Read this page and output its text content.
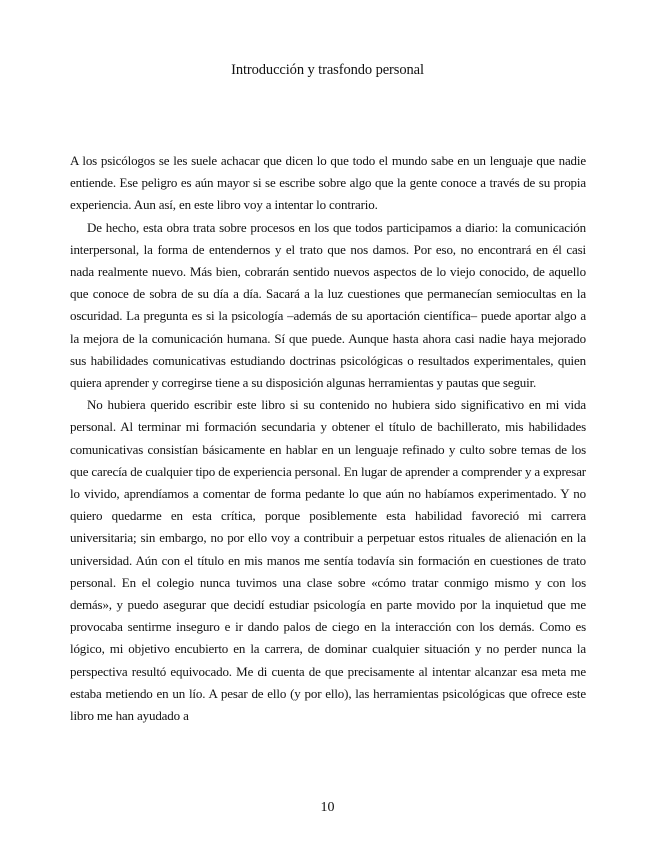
Introducción y trasfondo personal

A los psicólogos se les suele achacar que dicen lo que todo el mundo sabe en un lenguaje que nadie entiende. Ese peligro es aún mayor si se escribe sobre algo que la gente conoce a través de su propia experiencia. Aun así, en este libro voy a intentar lo contrario.

De hecho, esta obra trata sobre procesos en los que todos participamos a diario: la comunicación interpersonal, la forma de entendernos y el trato que nos damos. Por eso, no encontrará en él casi nada realmente nuevo. Más bien, cobrarán sentido nuevos aspectos de lo viejo conocido, de aquello que conoce de sobra de su día a día. Sacará a la luz cuestiones que permanecían semiocultas en la oscuridad. La pregunta es si la psicología –además de su aportación científica– puede aportar algo a la mejora de la comunicación humana. Sí que puede. Aunque hasta ahora casi nadie haya mejorado sus habilidades comunicativas estudiando doctrinas psicológicas o resultados experimentales, quien quiera aprender y corregirse tiene a su disposición algunas herramientas y pautas que seguir.

No hubiera querido escribir este libro si su contenido no hubiera sido significativo en mi vida personal. Al terminar mi formación secundaria y obtener el título de bachillerato, mis habilidades comunicativas consistían básicamente en hablar en un lenguaje refinado y culto sobre temas de los que carecía de cualquier tipo de experiencia personal. En lugar de aprender a comprender y a expresar lo vivido, aprendíamos a comentar de forma pedante lo que aún no habíamos experimentado. Y no quiero quedarme en esta crítica, porque posiblemente esta habilidad favoreció mi carrera universitaria; sin embargo, no por ello voy a contribuir a perpetuar estos rituales de alienación en la universidad. Aún con el título en mis manos me sentía todavía sin formación en cuestiones de trato personal. En el colegio nunca tuvimos una clase sobre «cómo tratar conmigo mismo y con los demás», y puedo asegurar que decidí estudiar psicología en parte movido por la inquietud que me provocaba sentirme inseguro e ir dando palos de ciego en la interacción con los demás. Como es lógico, mi objetivo encubierto en la carrera, de dominar cualquier situación y no perder nunca la perspectiva resultó equivocado. Me di cuenta de que precisamente al intentar alcanzar esa meta me estaba metiendo en un lío. A pesar de ello (y por ello), las herramientas psicológicas que ofrece este libro me han ayudado a

10
